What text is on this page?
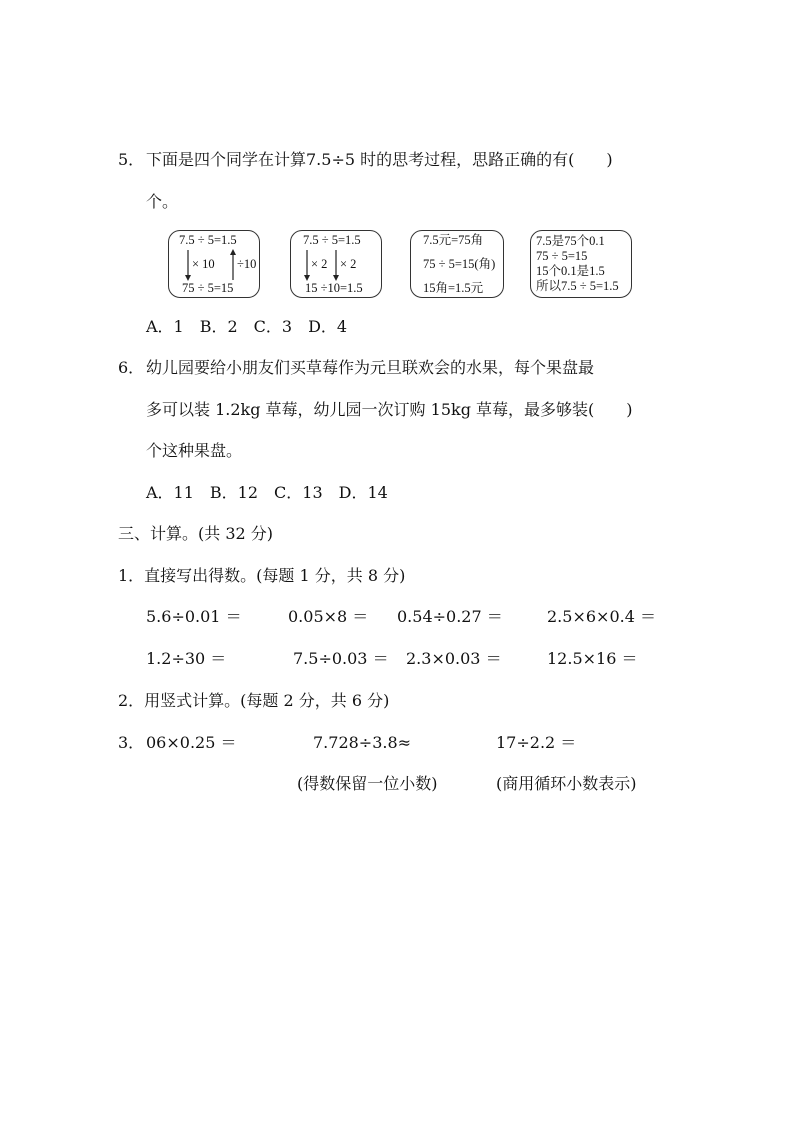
5． 下面是四个同学在计算7.5÷5 时的思考过程，思路正确的有(　　)
个。
7.5 ÷ 5=1.5
× 10 ÷10
75 ÷ 5=15
7.5 ÷ 5=1.5
× 2 × 2
15 ÷10=1.5
7.5元=75角
75 ÷ 5=15(角)
15角=1.5元
7.5是75个0.1
75 ÷ 5=15
15个0.1是1.5
所以7.5 ÷ 5=1.5
A．1　B．2　C．3　D．4
6． 幼儿园要给小朋友们买草莓作为元旦联欢会的水果，每个果盘最
多可以装 1.2kg 草莓，幼儿园一次订购 15kg 草莓，最多够装(　　)
个这种果盘。
A．11　B．12　C．13　D．14
三、计算。(共 32 分)
1．直接写出得数。(每题 1 分，共 8 分)
5.6÷0.01 ＝	0.05×8 ＝ 0.54÷0.27 ＝	2.5×6×0.4 ＝
1.2÷30 ＝	7.5÷0.03 ＝ 2.3×0.03 ＝	12.5×16 ＝
2．用竖式计算。(每题 2 分，共 6 分)
3． 06×0.25 ＝	7.728÷3.8≈	17÷2.2 ＝
(得数保留一位小数)	(商用循环小数表示)
